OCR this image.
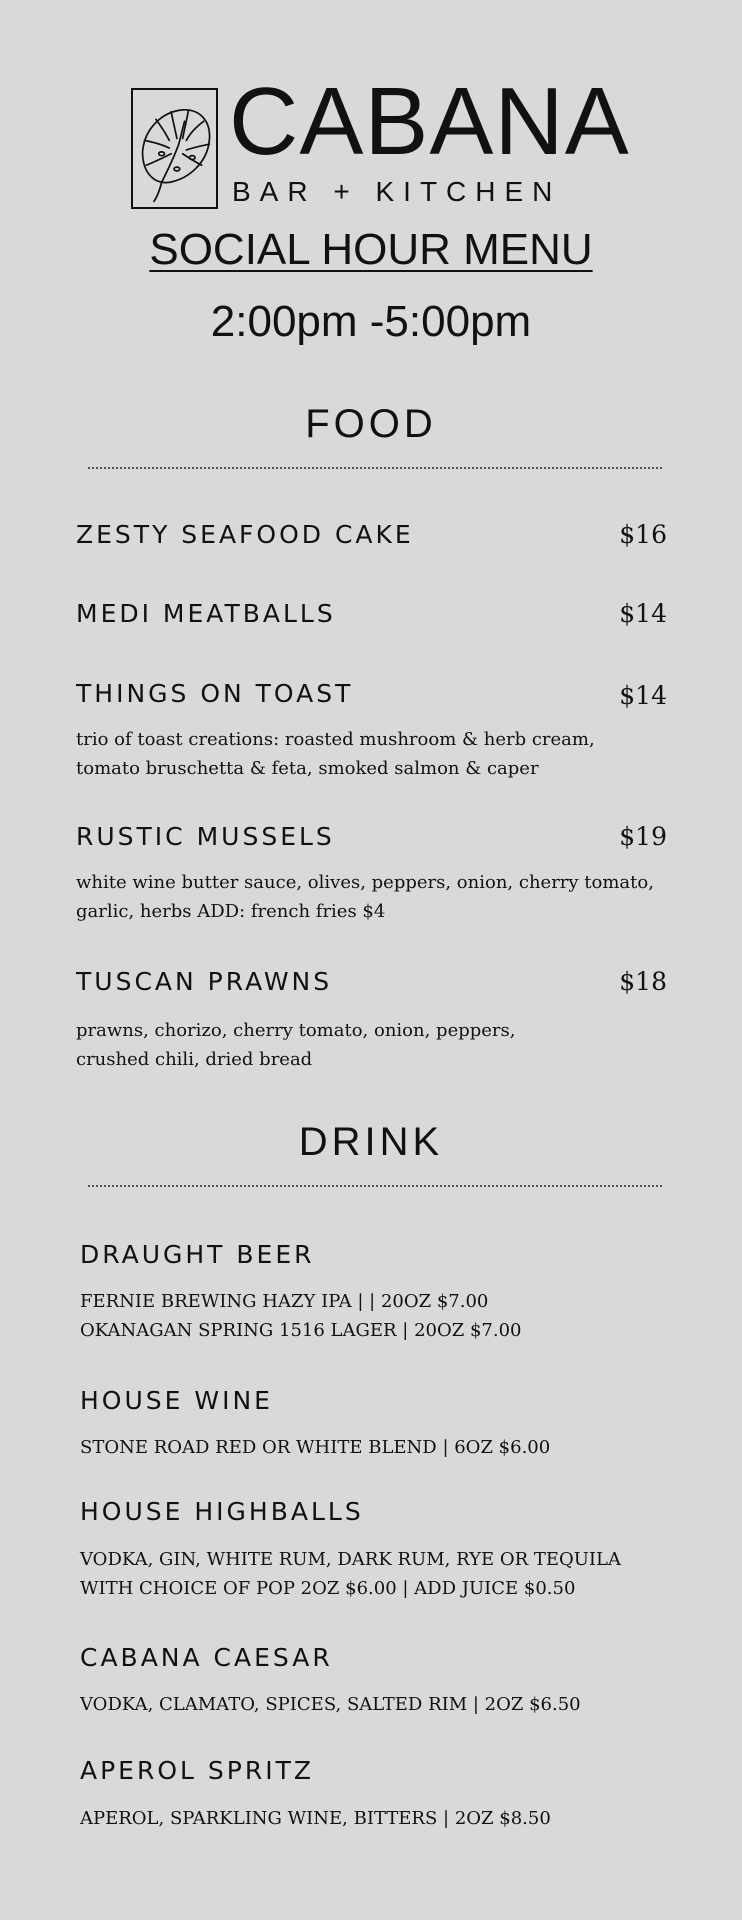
CABANA
BAR + KITCHEN
SOCIAL HOUR MENU
2:00pm -5:00pm
FOOD
ZESTY SEAFOOD CAKE	$16
MEDI MEATBALLS	$14
THINGS ON TOAST	$14
trio of toast creations: roasted mushroom & herb cream,
tomato bruschetta & feta, smoked salmon & caper
RUSTIC MUSSELS	$19
white wine butter sauce, olives, peppers, onion, cherry tomato,
garlic, herbs ADD: french fries $4
TUSCAN PRAWNS	$18
prawns, chorizo, cherry tomato, onion, peppers,
crushed chili, dried bread
DRINK
DRAUGHT BEER
FERNIE BREWING HAZY IPA | | 20OZ $7.00
OKANAGAN SPRING 1516 LAGER | 20OZ $7.00
HOUSE WINE
STONE ROAD RED OR WHITE BLEND | 6OZ $6.00
HOUSE HIGHBALLS
VODKA, GIN, WHITE RUM, DARK RUM, RYE OR TEQUILA
WITH CHOICE OF POP 2OZ $6.00 | ADD JUICE $0.50
CABANA CAESAR
VODKA, CLAMATO, SPICES, SALTED RIM | 2OZ $6.50
APEROL SPRITZ
APEROL, SPARKLING WINE, BITTERS | 2OZ $8.50
